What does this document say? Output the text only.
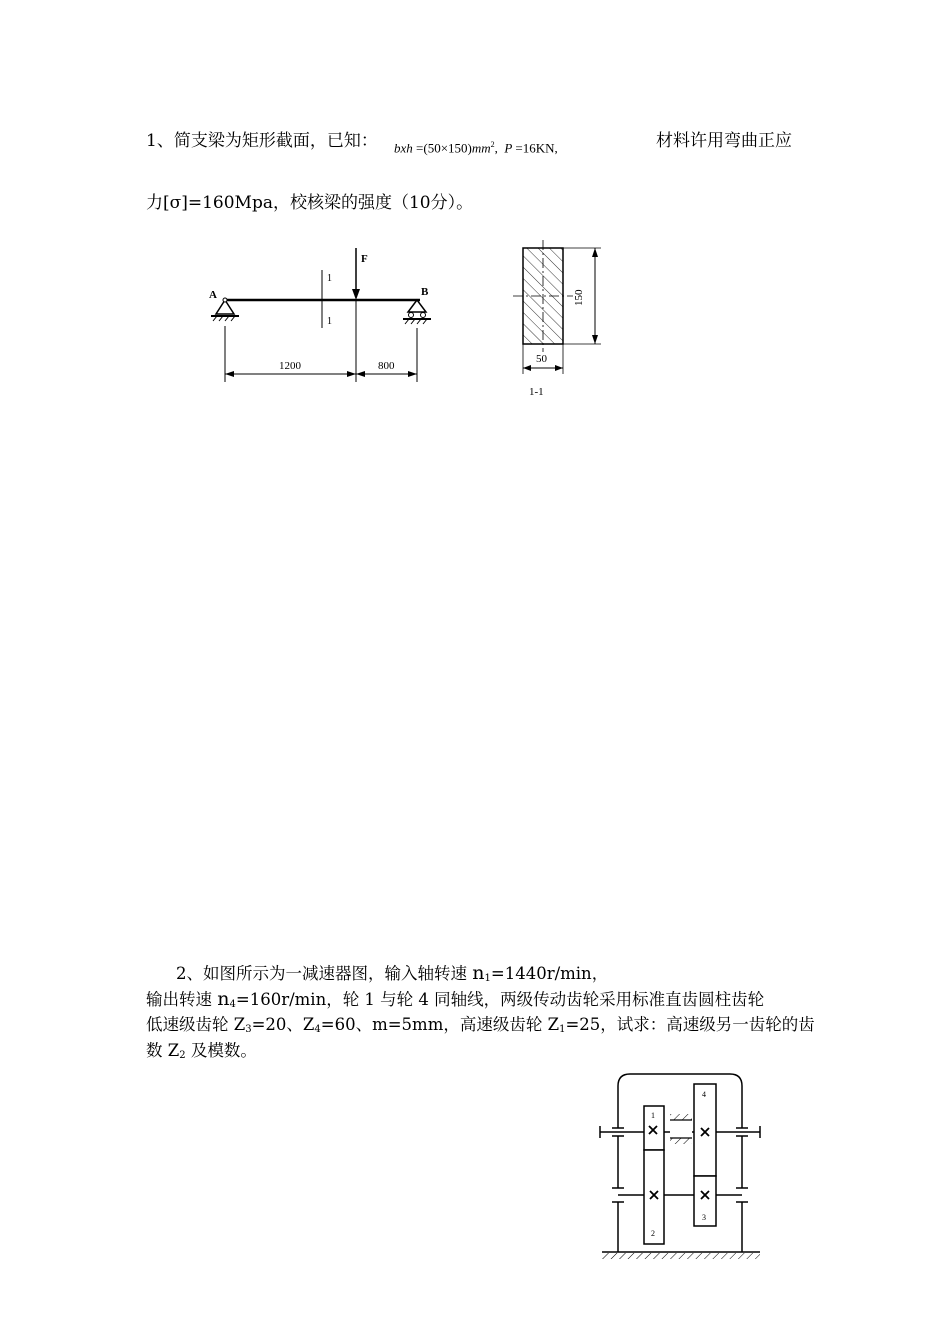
1、简支梁为矩形截面，已知： bxh $=(50\times 150)mm^2$, P =16KN,	材料许用弯曲正应
力[σ]=160Mpa，校核梁的强度（10分）。
A	B
F
1
1
1200	800
150
50
1-1
2、如图所示为一减速器图，输入轴转速 n1=1440r/min，
输出转速 n4=160r/min，轮 1 与轮 4 同轴线，两级传动齿轮采用标准直齿圆柱齿轮
低速级齿轮 Z3=20、Z4=60、m=5mm，高速级齿轮 Z1=25，试求：高速级另一齿轮的齿
数 Z2 及模数。
1
2
4
3
